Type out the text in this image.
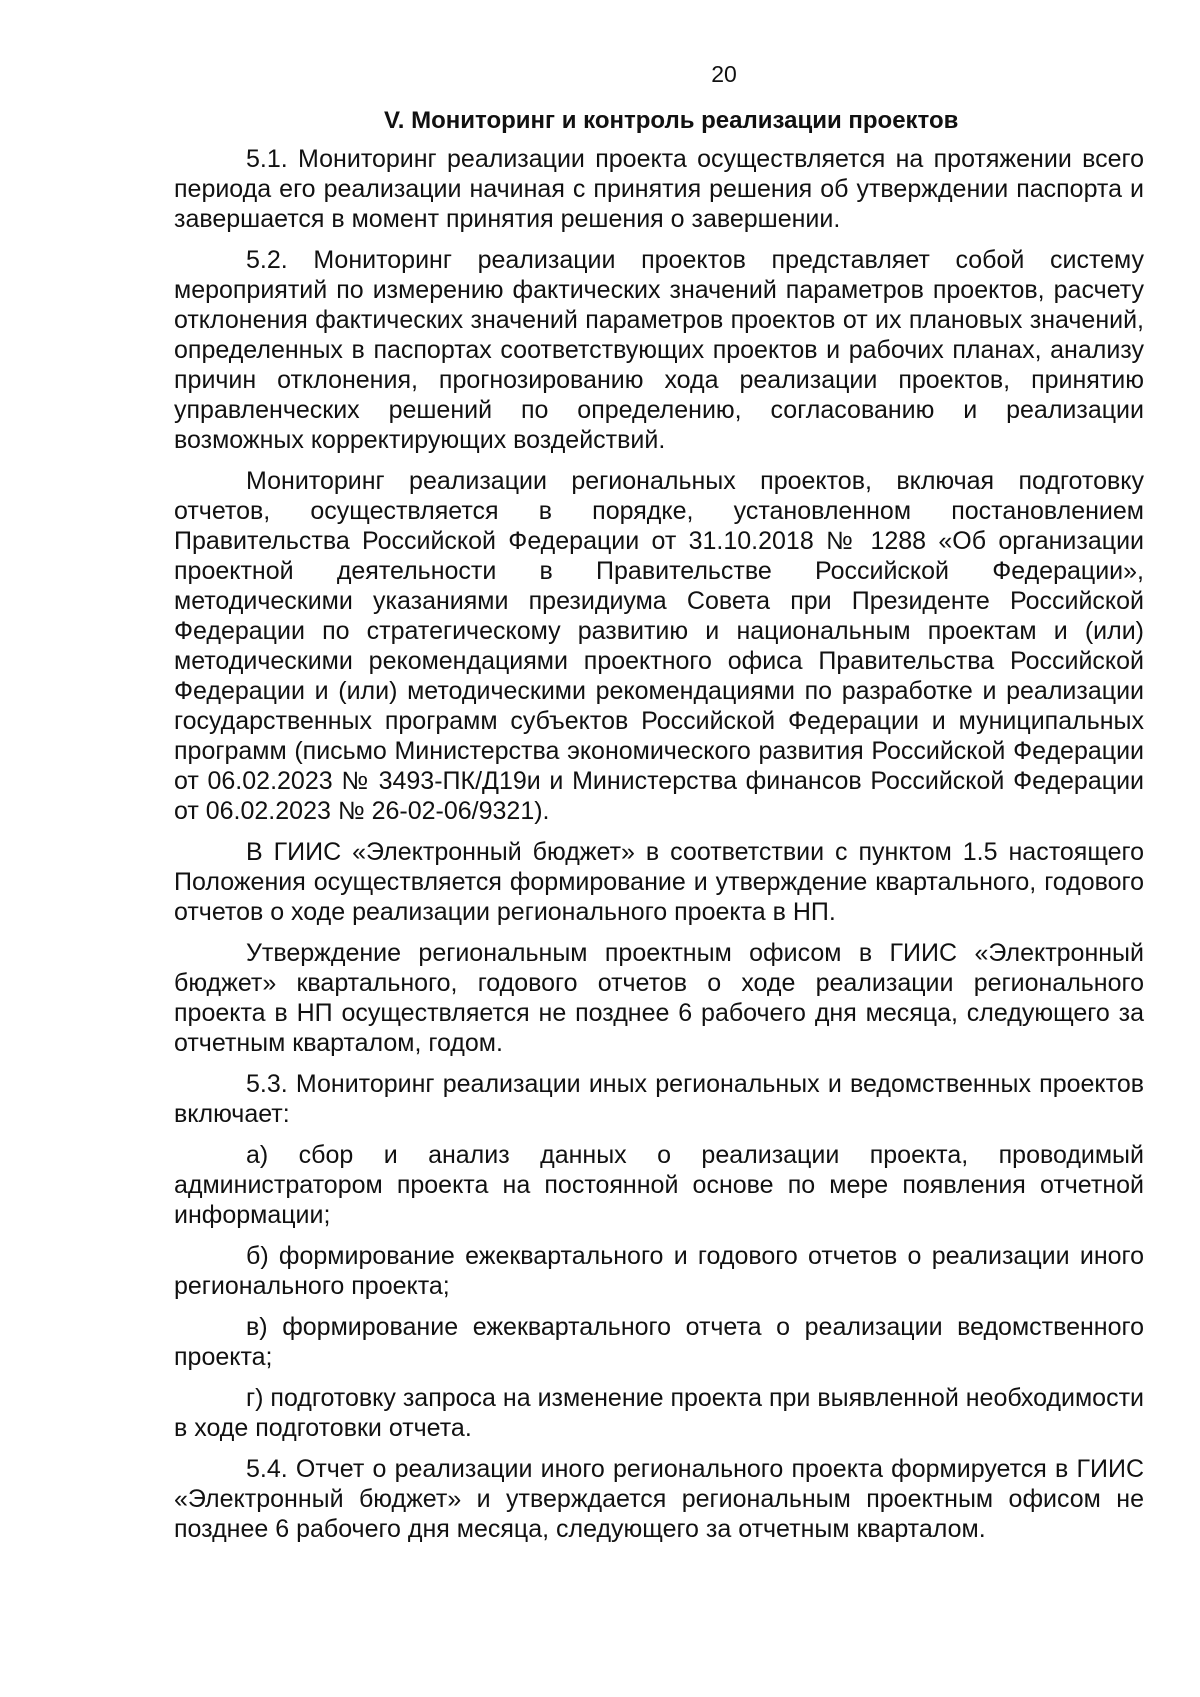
20
V. Мониторинг и контроль реализации проектов

5.1. Мониторинг реализации проекта осуществляется на протяжении всего периода его реализации начиная с принятия решения об утверждении паспорта и завершается в момент принятия решения о завершении.

5.2. Мониторинг реализации проектов представляет собой систему мероприятий по измерению фактических значений параметров проектов, расчету отклонения фактических значений параметров проектов от их плановых значений, определенных в паспортах соответствующих проектов и рабочих планах, анализу причин отклонения, прогнозированию хода реализации проектов, принятию управленческих решений по определению, согласованию и реализации возможных корректирующих воздействий.

Мониторинг реализации региональных проектов, включая подготовку отчетов, осуществляется в порядке, установленном постановлением Правительства Российской Федерации от 31.10.2018 № 1288 «Об организации проектной деятельности в Правительстве Российской Федерации», методическими указаниями президиума Совета при Президенте Российской Федерации по стратегическому развитию и национальным проектам и (или) методическими рекомендациями проектного офиса Правительства Российской Федерации и (или) методическими рекомендациями по разработке и реализации государственных программ субъектов Российской Федерации и муниципальных программ (письмо Министерства экономического развития Российской Федерации от 06.02.2023 № 3493-ПК/Д19и и Министерства финансов Российской Федерации от 06.02.2023 № 26-02-06/9321).

В ГИИС «Электронный бюджет» в соответствии с пунктом 1.5 настоящего Положения осуществляется формирование и утверждение квартального, годового отчетов о ходе реализации регионального проекта в НП.

Утверждение региональным проектным офисом в ГИИС «Электронный бюджет» квартального, годового отчетов о ходе реализации регионального проекта в НП осуществляется не позднее 6 рабочего дня месяца, следующего за отчетным кварталом, годом.

5.3. Мониторинг реализации иных региональных и ведомственных проектов включает:

а) сбор и анализ данных о реализации проекта, проводимый администратором проекта на постоянной основе по мере появления отчетной информации;

б) формирование ежеквартального и годового отчетов о реализации иного регионального проекта;

в) формирование ежеквартального отчета о реализации ведомственного проекта;

г) подготовку запроса на изменение проекта при выявленной необходимости в ходе подготовки отчета.

5.4. Отчет о реализации иного регионального проекта формируется в ГИИС «Электронный бюджет» и утверждается региональным проектным офисом не позднее 6 рабочего дня месяца, следующего за отчетным кварталом.
